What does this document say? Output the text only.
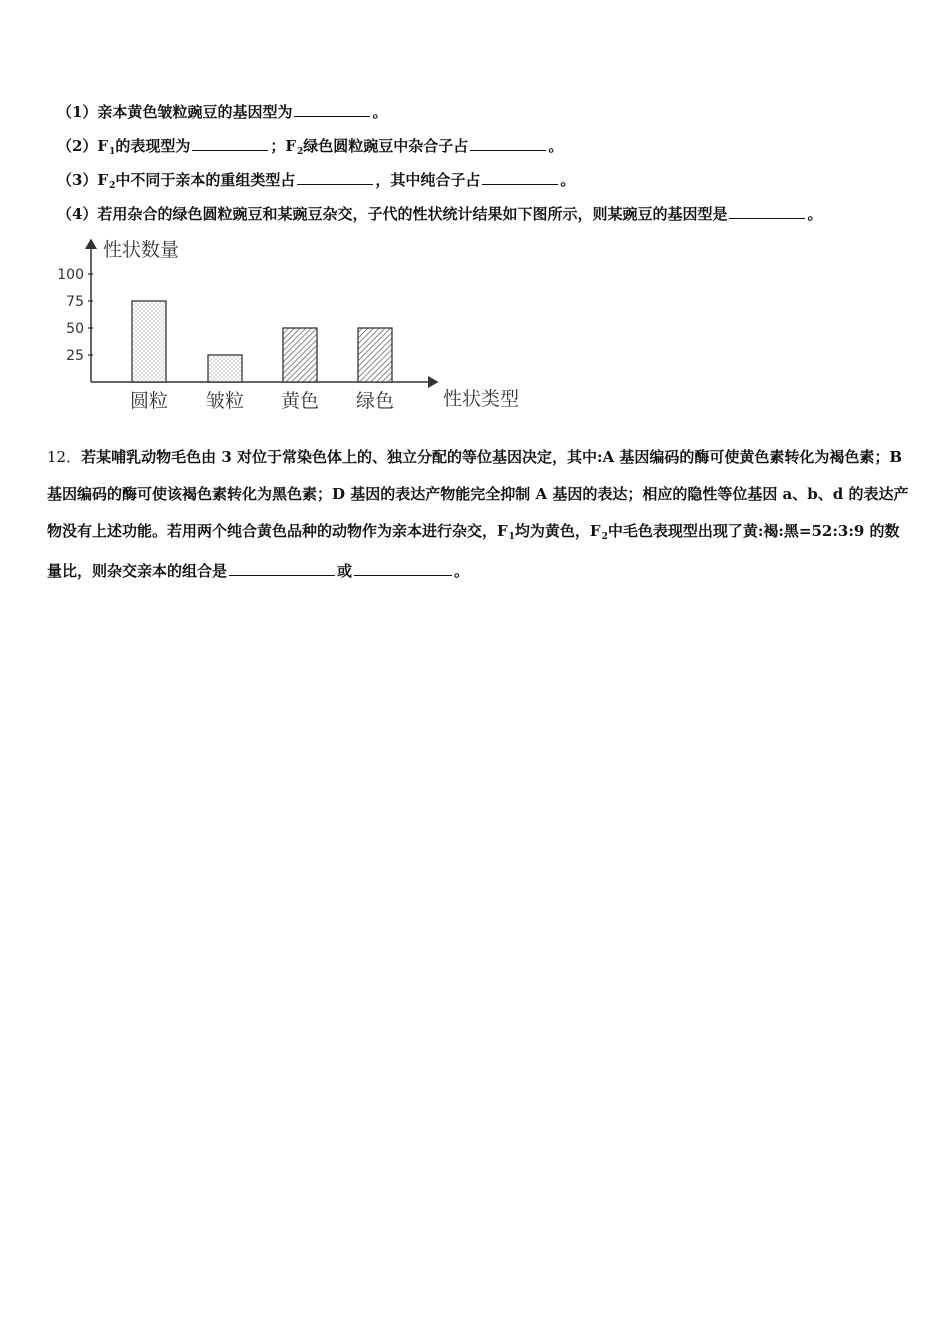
（1）亲本黄色皱粒豌豆的基因型为	。
$(2)F_1$的表现型为	；$F_2$绿色圆粒豌豆中杂合子占	。
$(3)F_2$中不同于亲本的重组类型占	，其中纯合子占	。
（4）若用杂合的绿色圆粒豌豆和某豌豆杂交，子代的性状统计结果如下图所示，则某豌豆的基因型是	。
性状数量
性状类型
100
75
50
25
圆粒 皱粒 黄色 绿色
12．若某哺乳动物毛色由 3 对位于常染色体上的、独立分配的等位基因决定，其中:A 基因编码的酶可使黄色素转化为褐色素；B 基因编码的酶可使该褐色素转化为黑色素；D 基因的表达产物能完全抑制 A 基因的表达；相应的隐性等位基因 a、b、d 的表达产物没有上述功能。若用两个纯合黄色品种的动物作为亲本进行杂交，$F_1$均为黄色，$F_2$中毛色表现型出现了黄:褐:黑=52:3:9 的数量比，则杂交亲本的组合是	或	。
